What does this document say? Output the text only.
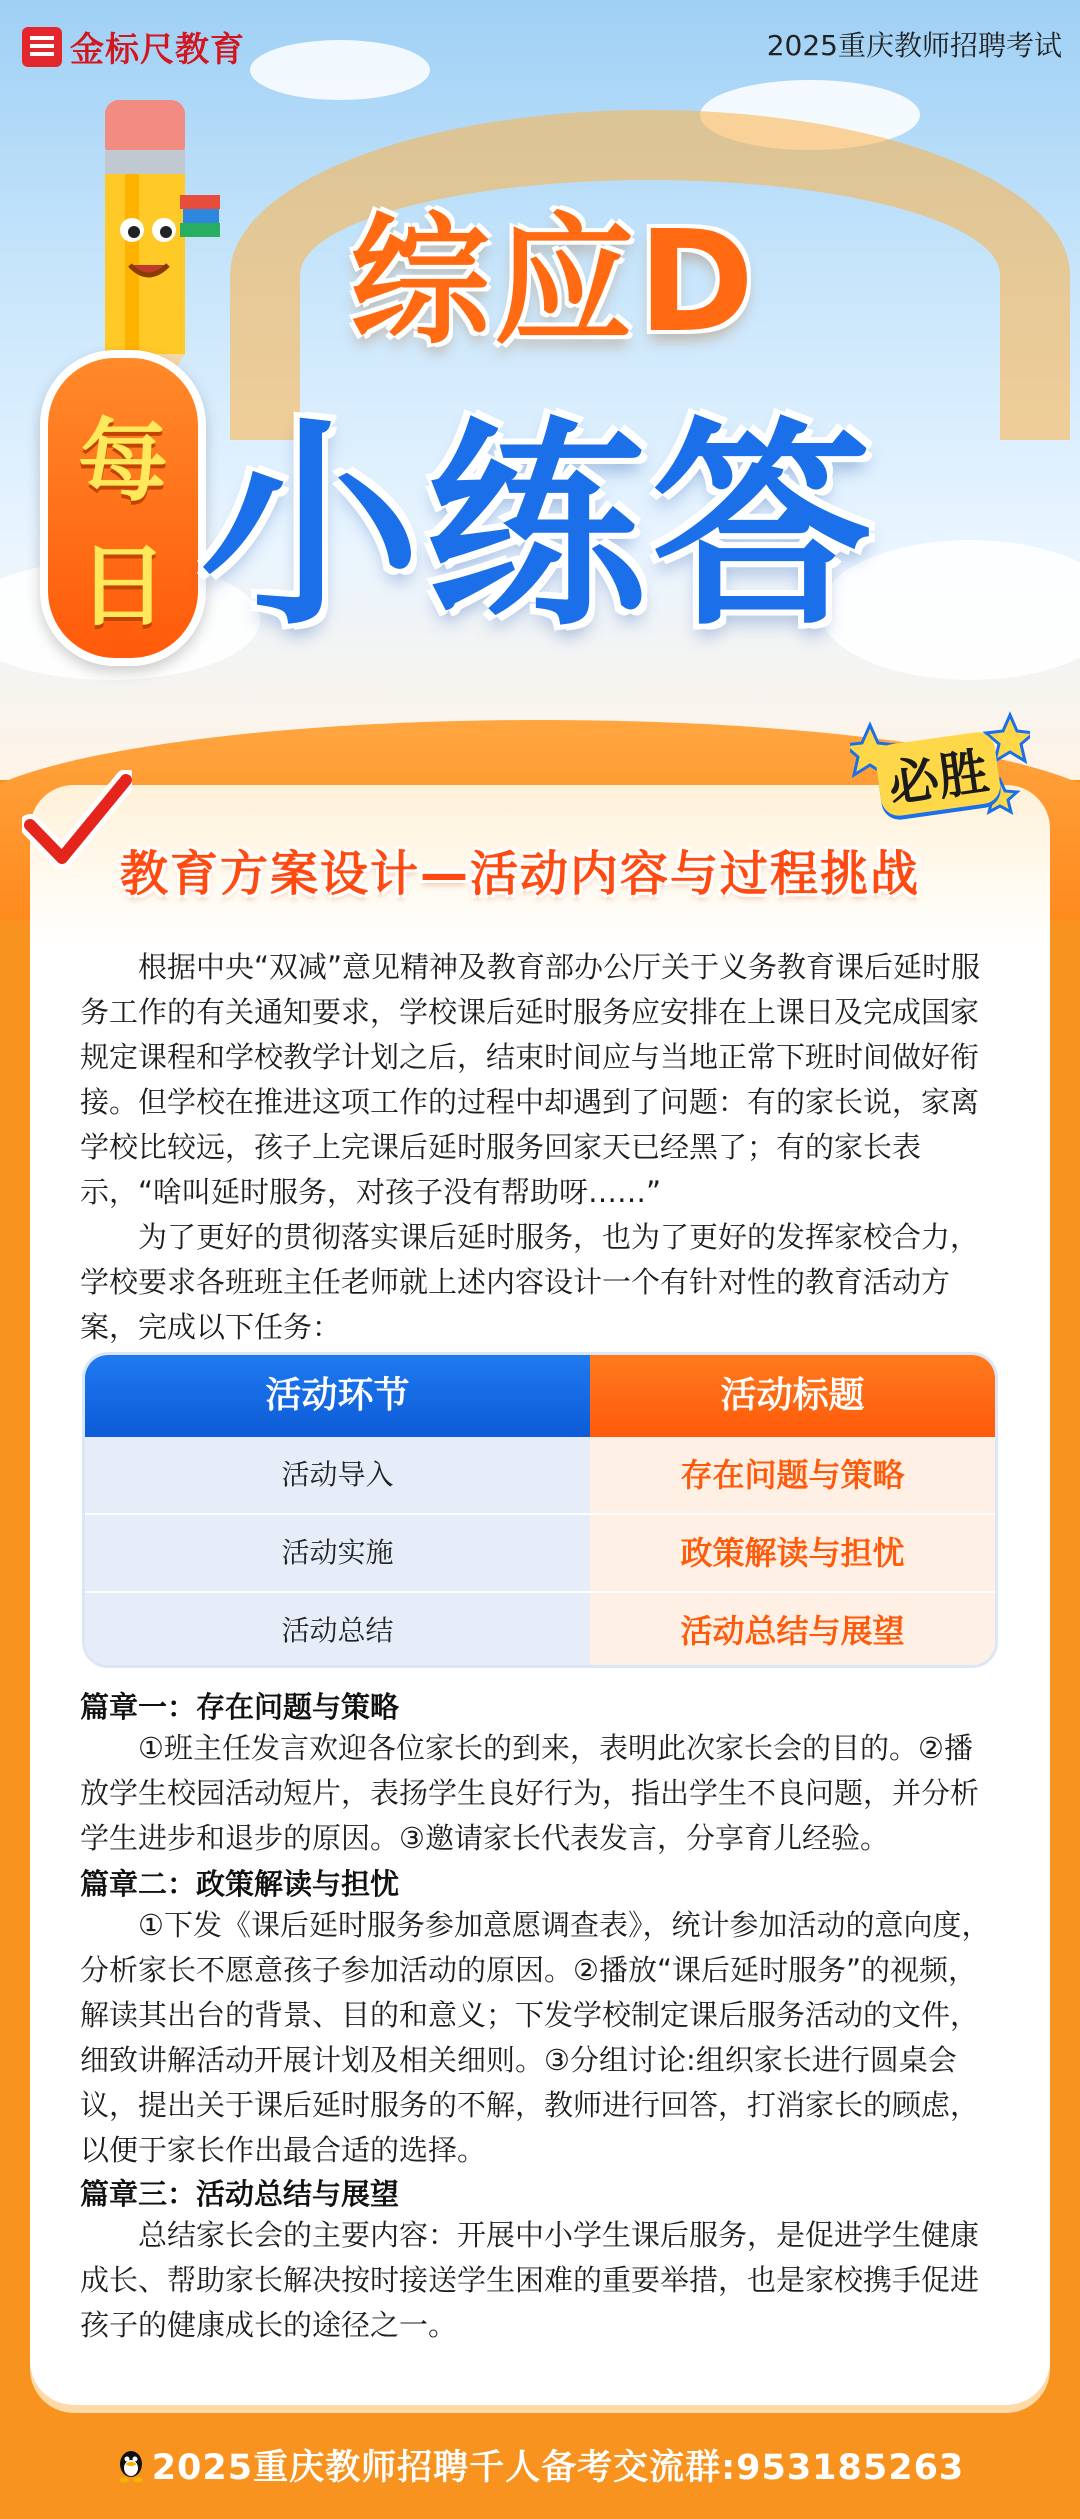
金标尺教育	2025重庆教师招聘考试
综应D
每
日 小练答
教育方案设计—活动内容与过程挑战
必胜

根据中央“双减”意见精神及教育部办公厅关于义务教育课后延时服务工作的有关通知要求，学校课后延时服务应安排在上课日及完成国家规定课程和学校教学计划之后，结束时间应与当地正常下班时间做好衔接。 但学校在推进这项工作的过程中却遇到了问题：有的家长说，家离学校比较远，孩子上完课后延时服务回家天已经黑了；有的家长表示，“啥叫延时服务，对孩子没有帮助呀……”

为了更好的贯彻落实课后延时服务，也为了更好的发挥家校合力，学校要求各班班主任老师就上述内容设计一个有针对性的教育活动方案，完成以下任务：

活动环节	活动标题
活动导入	存在问题与策略
活动实施	政策解读与担忧
活动总结	活动总结与展望
篇章一：存在问题与策略

①班主任发言欢迎各位家长的到来，表明此次家长会的目的。②播放学生校园活动短片，表扬学生良好行为，指出学生不良问题，并分析学生进步和退步的原因。③邀请家长代表发言，分享育儿经验。

篇章二：政策解读与担忧

①下发《课后延时服务参加意愿调查表》，统计参加活动的意向度，分析家长不愿意孩子参加活动的原因。②播放“课后延时服务”的视频，解读其出台的背景、目的和意义；下发学校制定课后服务活动的文件，细致讲解活动开展计划及相关细则。③分组讨论:组织家长进行圆桌会议，提出关于课后延时服务的不解，教师进行回答，打消家长的顾虑，以便于家长作出最合适的选择。

篇章三：活动总结与展望

总结家长会的主要内容：开展中小学生课后服务，是促进学生健康成长、帮助家长解决按时接送学生困难的重要举措，也是家校携手促进孩子的健康成长的途径之一。

2025重庆教师招聘千人备考交流群:953185263
